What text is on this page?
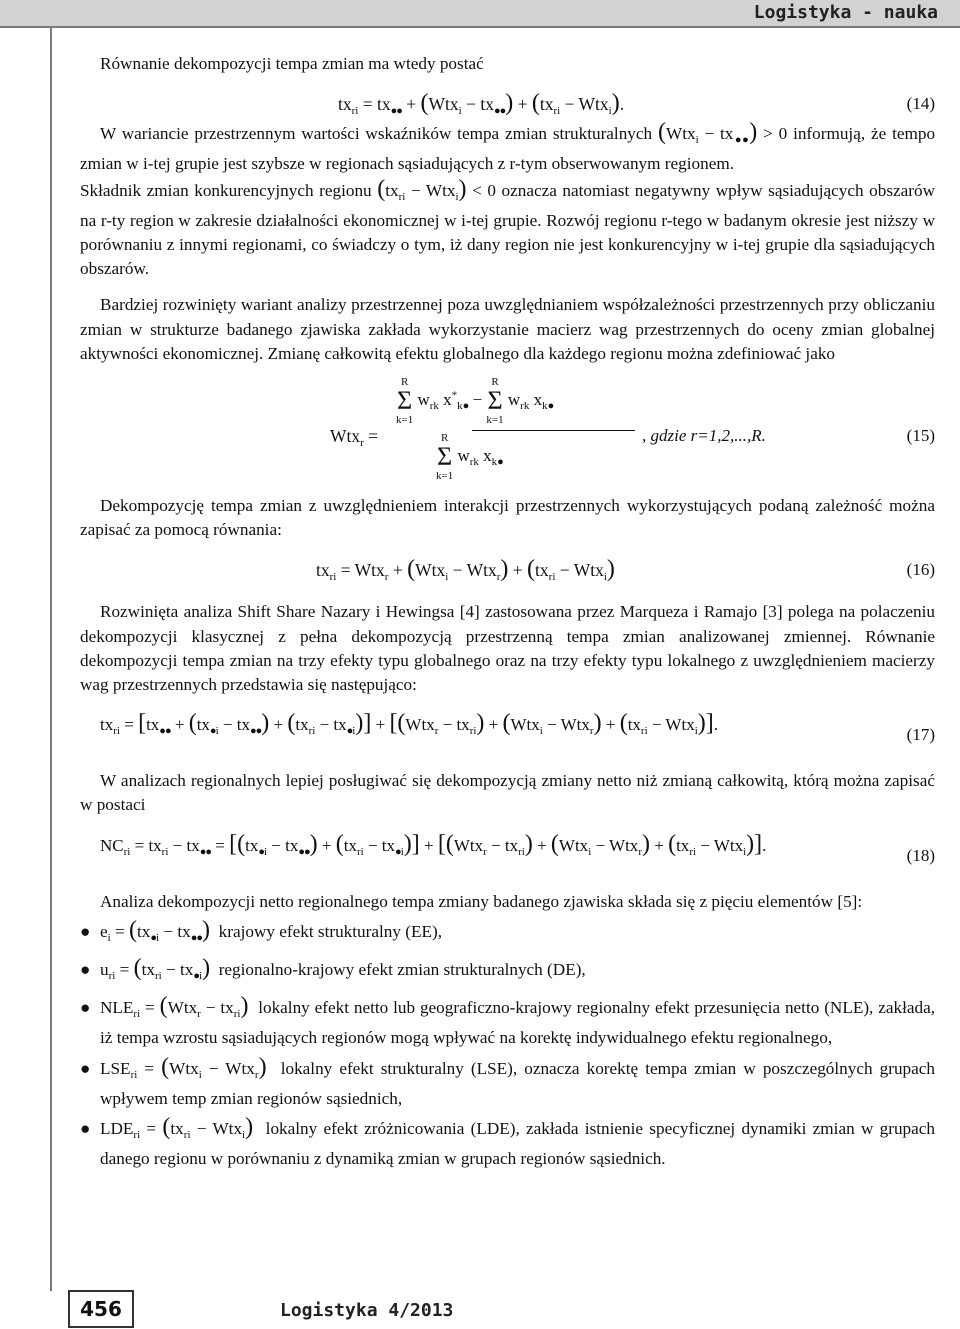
Logistyka - nauka

Równanie dekompozycji tempa zmian ma wtedy postać

$tx_{ri} = tx_{●●} + (Wtx_i - tx_{●●}) + (tx_{ri} - Wtx_i)$.	(14)

W wariancie przestrzennym wartości wskaźników tempa zmian strukturalnych $(Wtx_i - tx_{●●}) > 0$ informują, że tempo zmian w i-tej grupie jest szybsze w regionach sąsiadujących z r-tym obserwowanym regionem.

Składnik zmian konkurencyjnych regionu $(tx_{ri} - Wtx_i) < 0$ oznacza natomiast negatywny wpływ sąsiadujących obszarów na r-ty region w zakresie działalności ekonomicznej w i-tej grupie. Rozwój regionu r-tego w badanym okresie jest niższy w porównaniu z innymi regionami, co świadczy o tym, iż dany region nie jest konkurencyjny w i-tej grupie dla sąsiadujących obszarów.

Bardziej rozwinięty wariant analizy przestrzennej poza uwzględnianiem współzależności przestrzennych przy obliczaniu zmian w strukturze badanego zjawiska zakłada wykorzystanie macierz wag przestrzennych do oceny zmian globalnej aktywności ekonomicznej. Zmianę całkowitą efektu globalnego dla każdego regionu można zdefiniować jako

Wtx$_r$ =
R
Σ
k=1 $w_{rk}$ $x^*_{k●} - R$
Σ
k=1 $w_{rk}$ $x_{k●}$
R
Σ
k=1 $w_{rk}$ $x_{k●}$
, gdzie r=1,2,...,R.	(15)

Dekompozycję tempa zmian z uwzględnieniem interakcji przestrzennych wykorzystujących podaną zależność można zapisać za pomocą równania:

$tx_{ri} = Wtx_r + (Wtx_i - Wtx_r) + (tx_{ri} - Wtx_i)$	(16)

Rozwinięta analiza Shift Share Nazary i Hewingsa [4] zastosowana przez Marqueza i Ramajo [3] polega na polaczeniu dekompozycji klasycznej z pełna dekompozycją przestrzenną tempa zmian analizowanej zmiennej. Równanie dekompozycji tempa zmian na trzy efekty typu globalnego oraz na trzy efekty typu lokalnego z uwzględnieniem macierzy wag przestrzennych przedstawia się następująco:

$tx_{ri} = [tx_{●●} + (tx_{●i} - tx_{●●}) + (tx_{ri} - tx_{●i})] + [(Wtx_r - tx_{ri}) + (Wtx_i - Wtx_r) + (tx_{ri} - Wtx_i)]$.
(17)

W analizach regionalnych lepiej posługiwać się dekompozycją zmiany netto niż zmianą całkowitą, którą można zapisać w postaci

$NC_{ri} = tx_{ri} - tx_{●●} = [(tx_{●i} - tx_{●●}) + (tx_{ri} - tx_{●i})] + [(Wtx_r - tx_{ri}) + (Wtx_i - Wtx_r) + (tx_{ri} - Wtx_i)]$.
(18)

Analiza dekompozycji netto regionalnego tempa zmiany badanego zjawiska składa się z pięciu elementów [5]:

● $e_i = (tx_{●i} - tx_{●●})$ krajowy efekt strukturalny (EE),
● $u_{ri} = (tx_{ri} - tx_{●i})$ regionalno-krajowy efekt zmian strukturalnych (DE),
● $NLE_{ri} = (Wtx_r - tx_{ri})$ lokalny efekt netto lub geograficzno-krajowy regionalny efekt przesunięcia netto (NLE), zakłada, iż tempa wzrostu sąsiadujących regionów mogą wpływać na korektę indywidualnego efektu regionalnego,
● $LSE_{ri} = (Wtx_i - Wtx_r)$ lokalny efekt strukturalny (LSE), oznacza korektę tempa zmian w poszczególnych grupach wpływem temp zmian regionów sąsiednich,
● $LDE_{ri} = (tx_{ri} - Wtx_i)$ lokalny efekt zróżnicowania (LDE), zakłada istnienie specyficznej dynamiki zmian w grupach danego regionu w porównaniu z dynamiką zmian w grupach regionów sąsiednich.
456	Logistyka 4/2013
